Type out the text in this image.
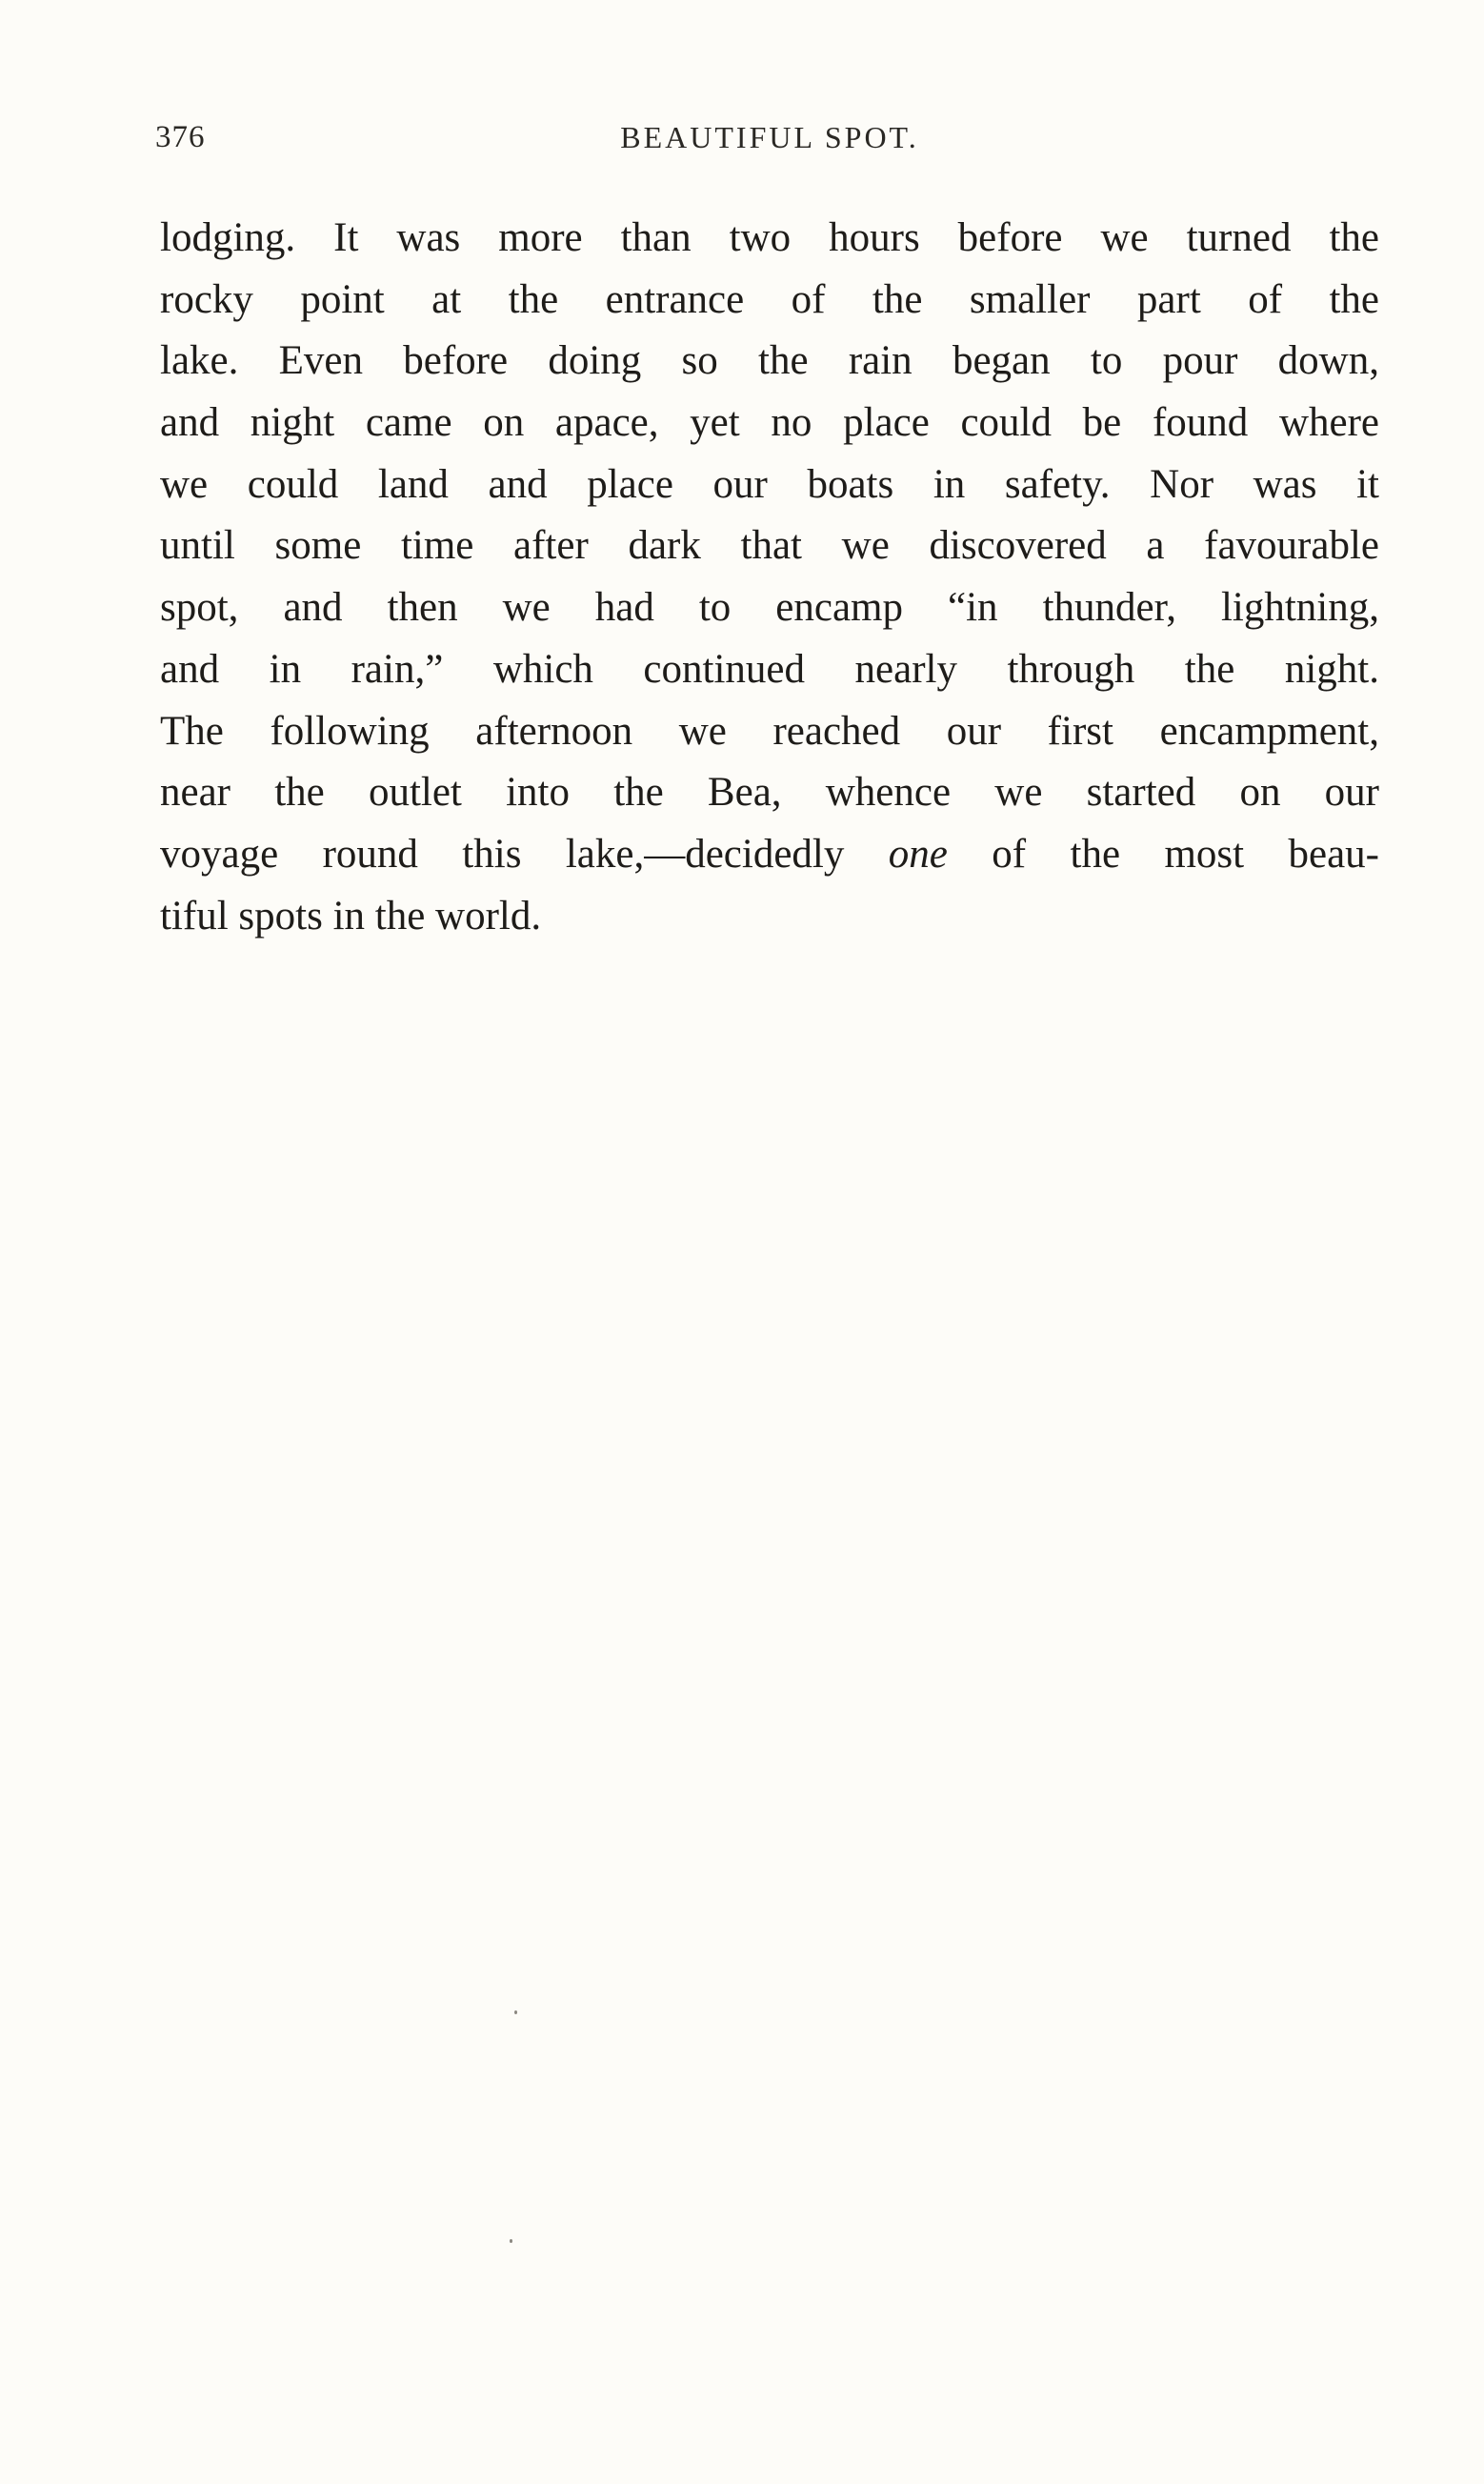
376	BEAUTIFUL SPOT.
lodging. It was more than two hours before we turned the
rocky point at the entrance of the smaller part of the
lake. Even before doing so the rain began to pour down,
and night came on apace, yet no place could be found where
we could land and place our boats in safety. Nor was it
until some time after dark that we discovered a favourable
spot, and then we had to encamp “in thunder, lightning,
and in rain,” which continued nearly through the night.
The following afternoon we reached our first encampment,
near the outlet into the Bea, whence we started on our
voyage round this lake,—decidedly one of the most beau-
tiful spots in the world.
